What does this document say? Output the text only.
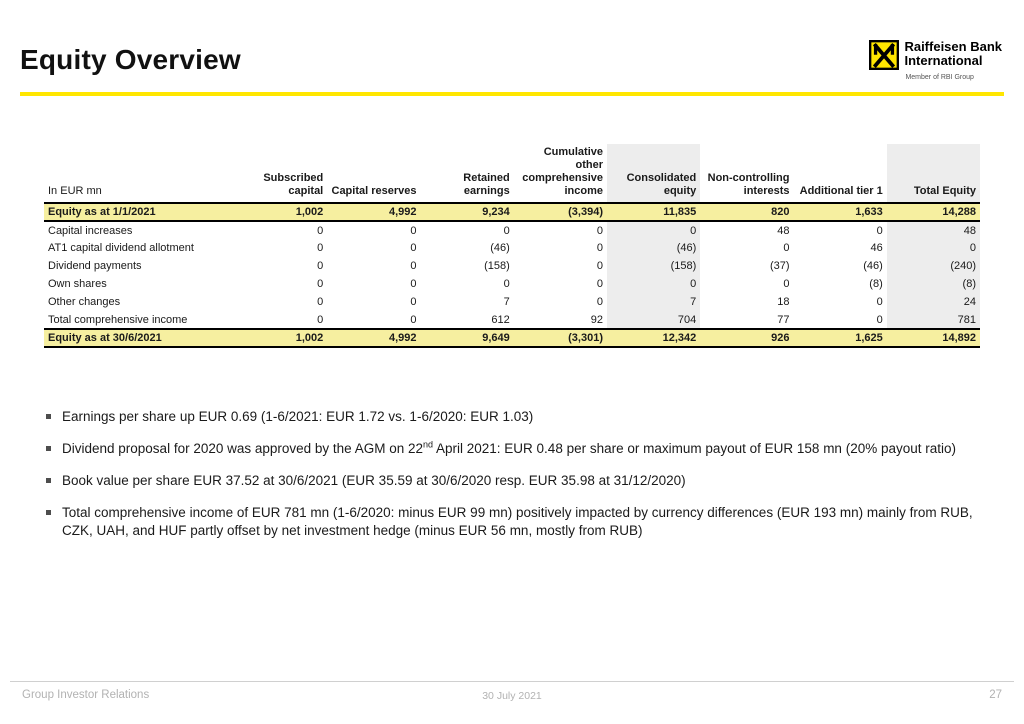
Equity Overview	Raiffeisen Bank
International
Member of RBI Group
In EUR mn	Subscribed capital	Capital reserves	Retained earnings	Cumulative other comprehensive income	Consolidated equity	Non-controlling interests	Additional tier 1	Total Equity
Equity as at 1/1/2021	1,002	4,992	9,234	(3,394)	11,835	820	1,633	14,288
Capital increases	0	0	0	0	0	48	0	48
AT1 capital dividend allotment	0	0	(46)	0	(46)	0	46	0
Dividend payments	0	0	(158)	0	(158)	(37)	(46)	(240)
Own shares	0	0	0	0	0	0	(8)	(8)
Other changes	0	0	7	0	7	18	0	24
Total comprehensive income	0	0	612	92	704	77	0	781
Equity as at 30/6/2021	1,002	4,992	9,649	(3,301)	12,342	926	1,625	14,892
Earnings per share up EUR 0.69 (1-6/2021: EUR 1.72 vs. 1-6/2020: EUR 1.03)
Dividend proposal for 2020 was approved by the AGM on 22nd April 2021: EUR 0.48 per share or maximum payout of EUR 158 mn (20% payout ratio)
Book value per share EUR 37.52 at 30/6/2021 (EUR 35.59 at 30/6/2020 resp. EUR 35.98 at 31/12/2020)
Total comprehensive income of EUR 781 mn (1-6/2020: minus EUR 99 mn) positively impacted by currency differences (EUR 193 mn) mainly from RUB, CZK, UAH, and HUF partly offset by net investment hedge (minus EUR 56 mn, mostly from RUB)
Group Investor Relations	30 July 2021	27
